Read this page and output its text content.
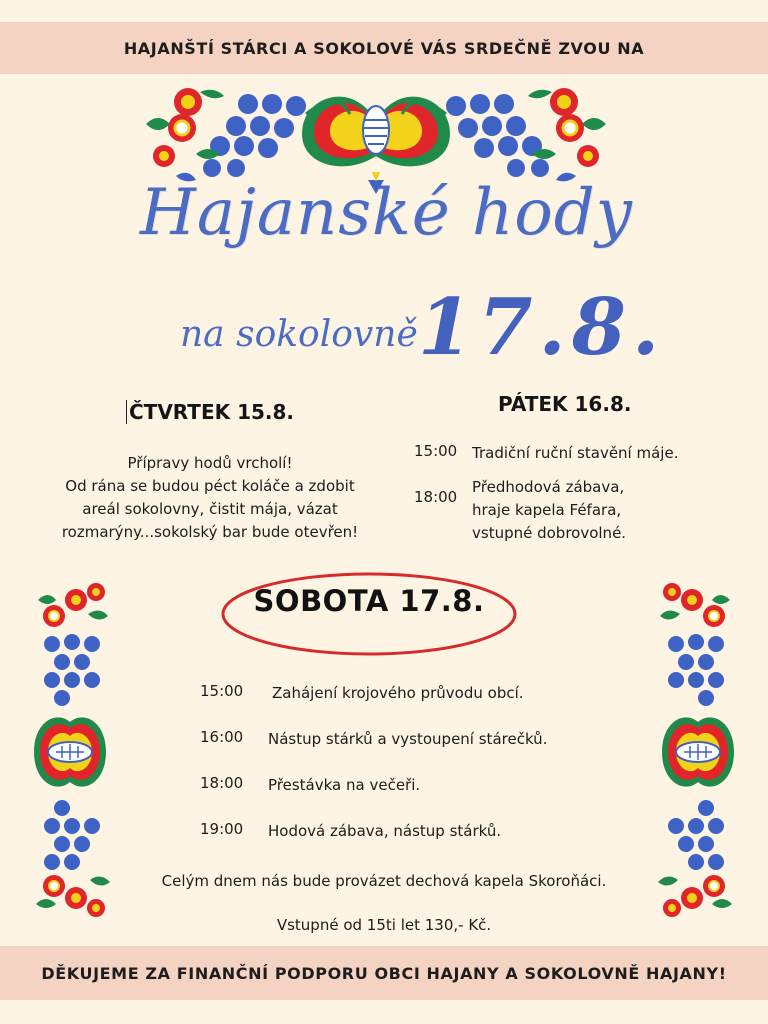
HAJANŠTÍ STÁRCI A SOKOLOVÉ VÁS SRDEČNĚ ZVOU NA
Hajanské hody
na sokolovně 17.8.
ČTVRTEK 15.8.
Přípravy hodů vrcholí!
Od rána se budou péct koláče a zdobit
areál sokolovny, čistit mája, vázat
rozmarýny...sokolský bar bude otevřen!
PÁTEK 16.8.
15:00 Tradiční ruční stavění máje.
18:00
Předhodová zábava,
hraje kapela Féfara,
vstupné dobrovolné.
SOBOTA 17.8.
15:00 Zahájení krojového průvodu obcí.
16:00 Nástup stárků a vystoupení stárečků.
18:00 Přestávka na večeři.
19:00 Hodová zábava, nástup stárků.
Celým dnem nás bude provázet dechová kapela Skoroňáci.
Vstupné od 15ti let 130,- Kč.
DĚKUJEME ZA FINANČNÍ PODPORU OBCI HAJANY A SOKOLOVNĚ HAJANY!
